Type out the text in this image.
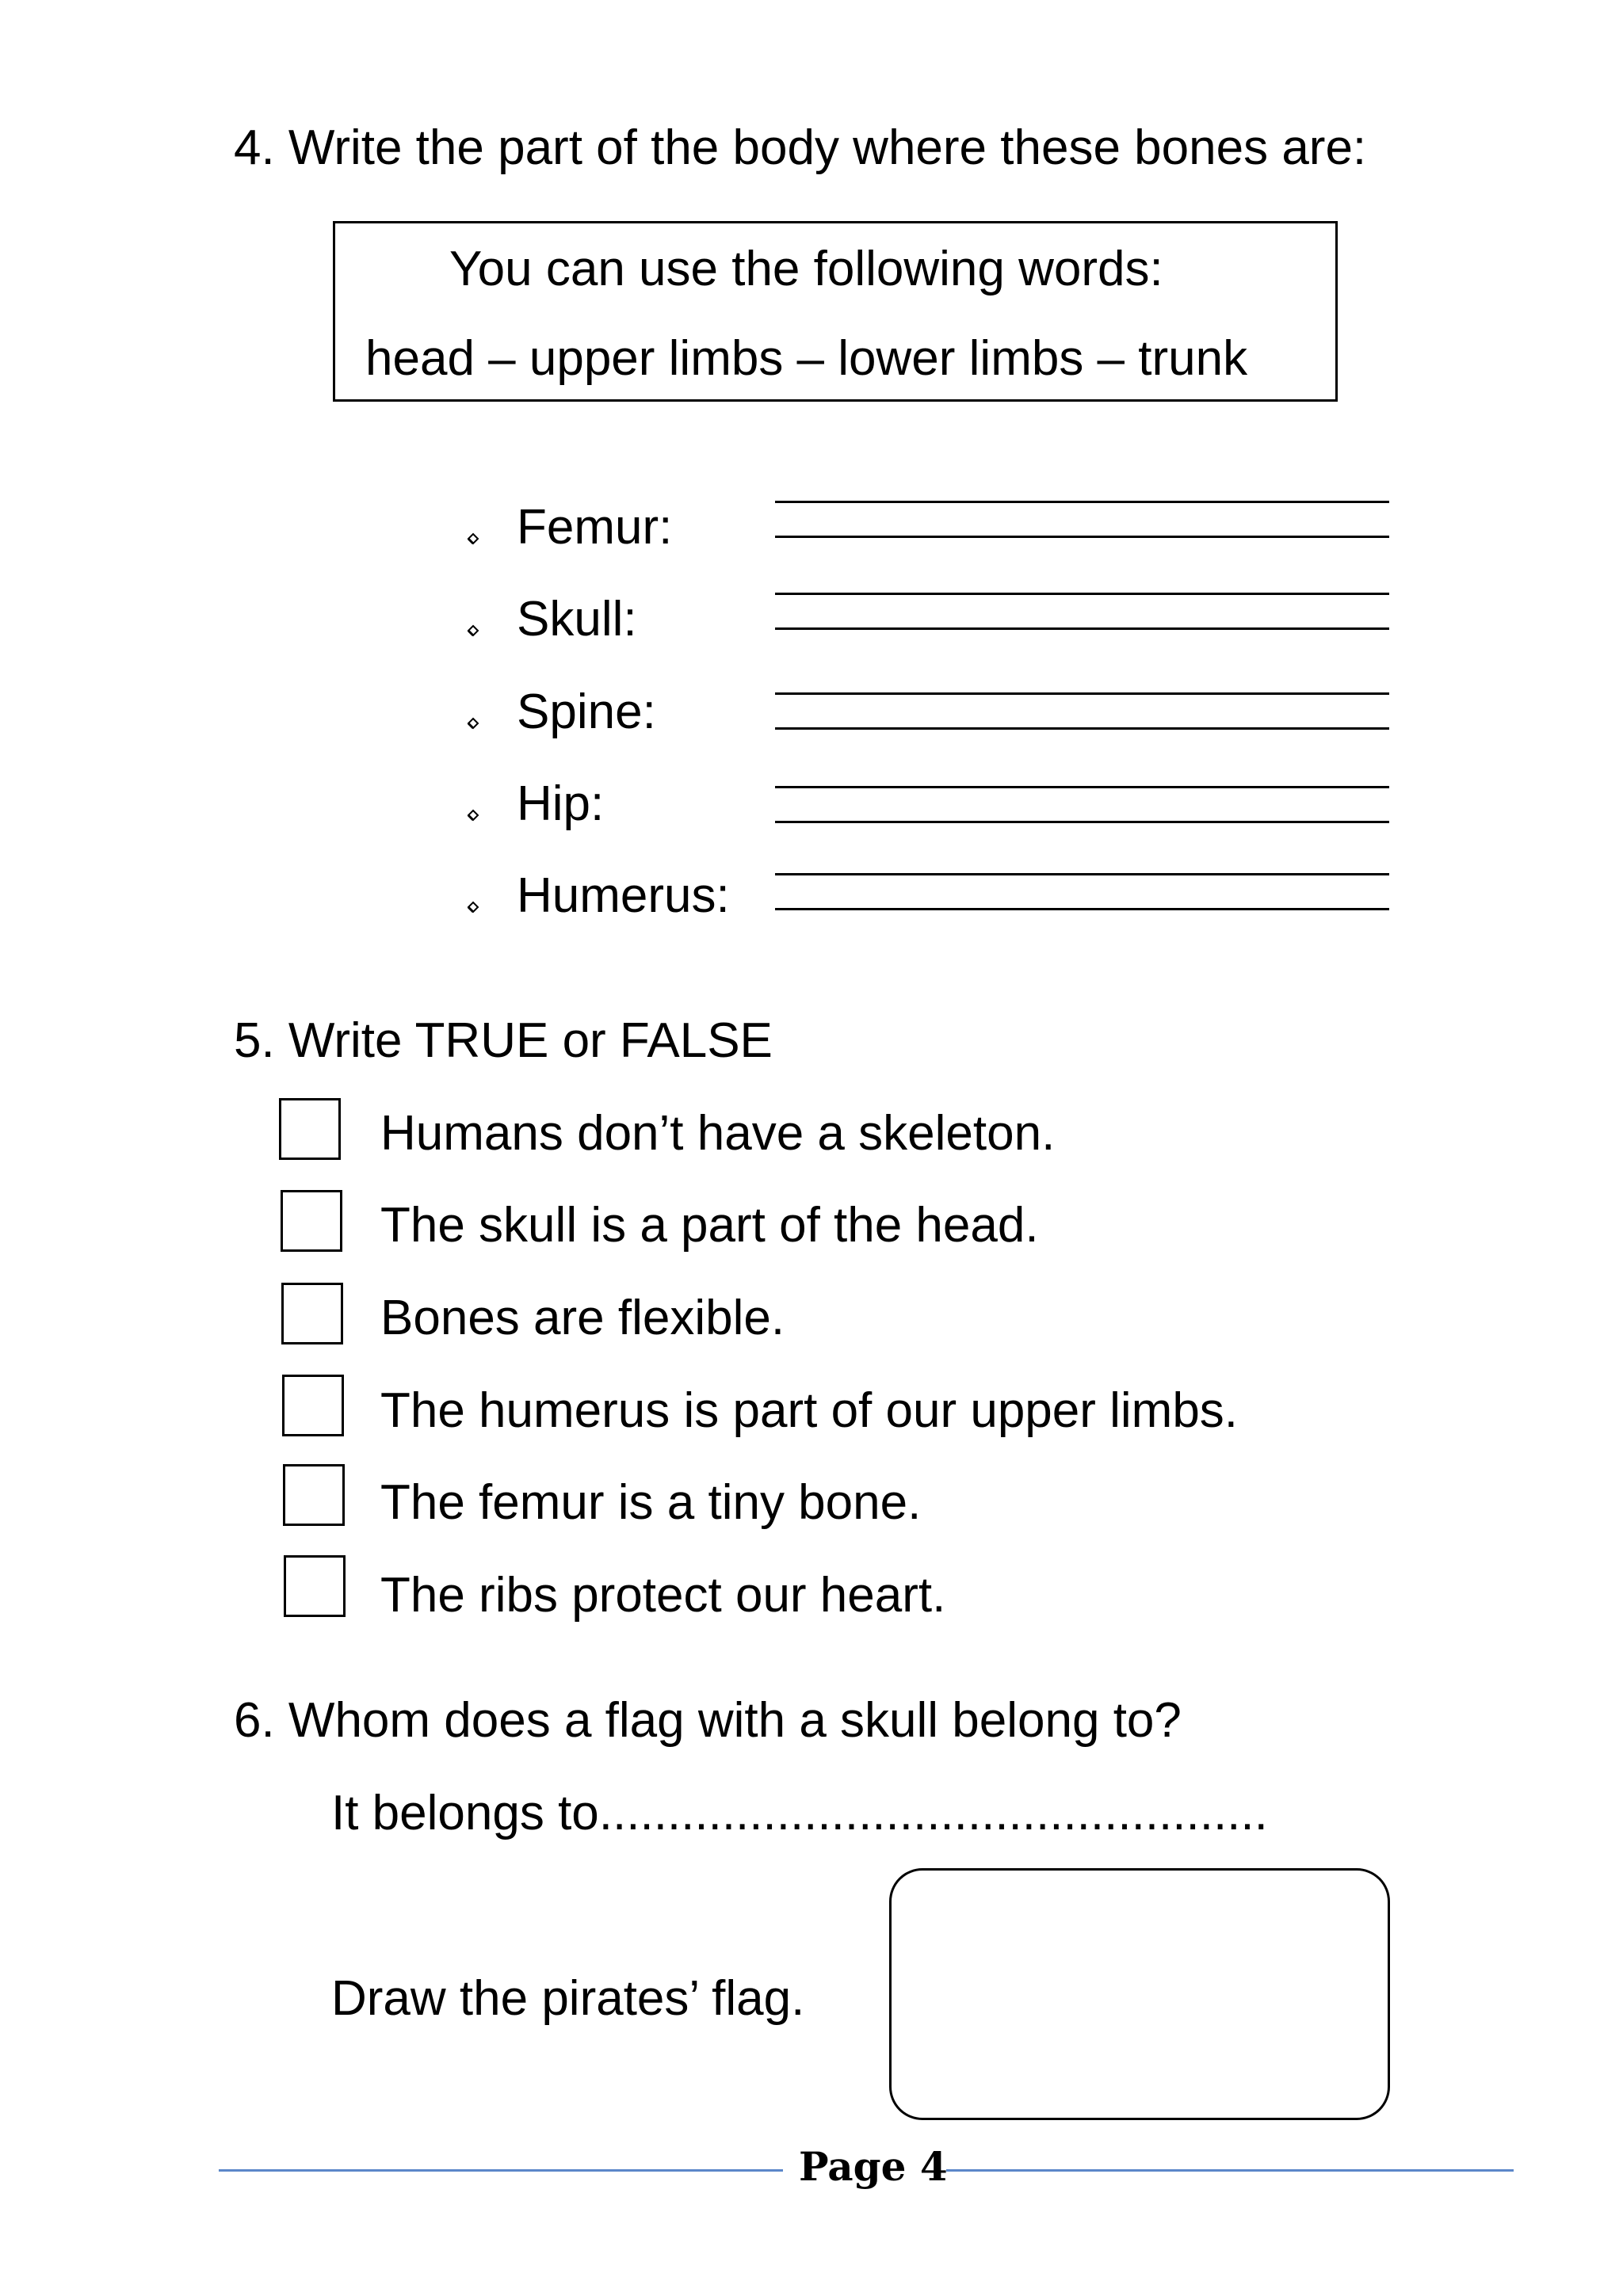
4. Write the part of the body where these bones are:
You can use the following words:
head – upper limbs – lower limbs – trunk
Femur:
Skull:
Spine:
Hip:
Humerus:
5. Write TRUE or FALSE
Humans don’t have a skeleton.
The skull is a part of the head.
Bones are flexible.
The humerus is part of our upper limbs.
The femur is a tiny bone.
The ribs protect our heart.
6. Whom does a flag with a skull belong to?
It belongs to.................................................
Draw the pirates’ flag.
Page 4
